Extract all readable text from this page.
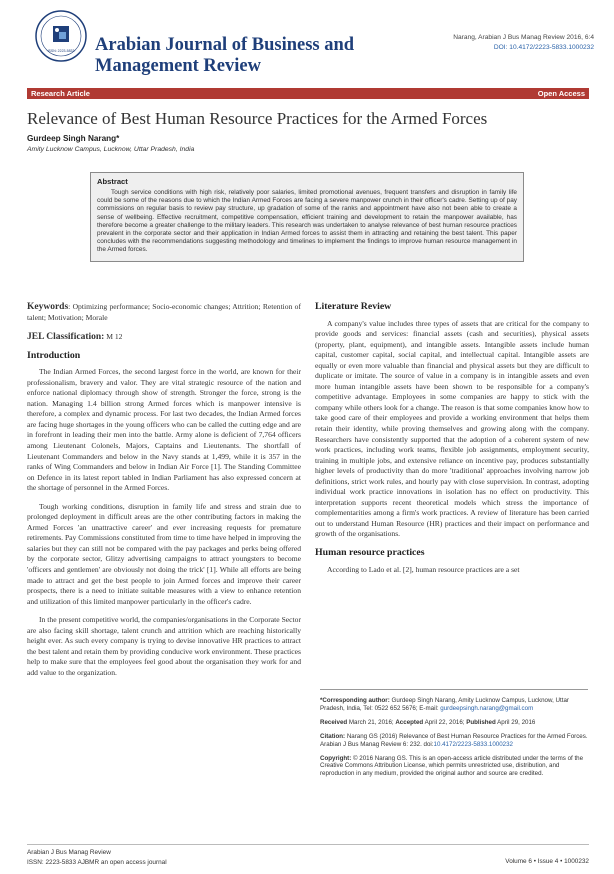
ISSN: 2223-5833 Arabian Journal of Business and
Management Review
Narang, Arabian J Bus Manag Review 2016, 6:4
DOI: 10.4172/2223-5833.1000232
Research Article	Open Access
Relevance of Best Human Resource Practices for the Armed Forces
Gurdeep Singh Narang*
Amity Lucknow Campus, Lucknow, Uttar Pradesh, India
Abstract

Tough service conditions with high risk, relatively poor salaries, limited promotional avenues, frequent transfers and disruption in family life could be some of the reasons due to which the Indian Armed Forces are facing a severe manpower crunch in their officer's cadre. Setting up of pay commissions on regular basis to review pay structure, up gradation of some of the ranks and appointment have also not been able to create a sense of wellbeing. Effective recruitment, competitive compensation, efficient training and development to retain the manpower available, has therefore become a greater challenge to the military leaders. This research was undertaken to analyse relevance of best human resource practices prevalent in the corporate sector and their application in Indian Armed forces to assist them in attracting and retaining the best talent. This paper concludes with the recommendations suggesting methodology and timelines to implement the findings to improve human resource management in the Armed forces.

Keywords: Optimizing performance; Socio-economic changes; Attrition; Retention of talent; Motivation; Morale

JEL Classification: M 12

Introduction

The Indian Armed Forces, the second largest force in the world, are known for their professionalism, bravery and valor. They are vital strategic resource of the nation and enforce national diplomacy through show of strength. Stronger the force, strong is the nation. Managing 1.4 billion strong Armed forces which is manpower intensive is therefore, a complex and dynamic process. For last two decades, the Indian Armed forces are facing huge shortages in the young officers who can be called the cutting edge and are in forefront in leading their men into the battle. Army alone is deficient of 7,764 officers among Lieutenant Colonels, Majors, Captains and Lieutenants. The shortfall of Lieutenant Commanders and below in the Navy stands at 1,499, while it is 357 in the ranks of Wing Commanders and below in Indian Air Force [1]. The Standing Committee on Defence in its latest report tabled in Indian Parliament has also expressed concern at the shortage of personnel in the Armed Forces.

Tough working conditions, disruption in family life and stress and strain due to prolonged deployment in difficult areas are the other contributing factors in making the Armed Forces 'an unattractive career' and ever increasing requests for premature retirements. Pay Commissions constituted from time to time have helped in improving the salaries but they can still not be compared with the pay packages and perks being offered by the corporate sector, Glitzy advertising campaigns to attract youngsters to become 'officers and gentlemen' are obviously not doing the trick' [1]. While all efforts are being made to attract and get the best people to join Armed forces and improve their career prospects, there is a need to initiate suitable measures with a view to enhance retention and utilization of this limited manpower particularly in the officer's cadre.

In the present competitive world, the companies/organisations in the Corporate Sector are also facing skill shortage, talent crunch and attrition which are reaching historically height ever. As such every company is trying to devise innovative HR practices to attract the best talent and retain them by providing conducive work environment. These practices help to make sure that the employees feel good about the organisation they work for and add value to the organization.

Literature Review

A company's value includes three types of assets that are critical for the company to provide goods and services: financial assets (cash and securities), physical assets (property, plant, equipment), and intangible assets. Intangible assets include human capital, customer capital, social capital, and intellectual capital. Intangible assets are equally or even more valuable than financial and physical assets but they are difficult to duplicate or imitate. The source of value in a company is in intangible assets and even more human intangible assets have been shown to be responsible for a company's competitive advantage. Employees in some companies are happy to stick with the company while others look for a change. The reason is that some companies know how to take good care of their employees and provide a working environment that helps them retain their identity, while proving themselves and growing along with the company. Researchers have consistently supported that the adoption of a coherent system of new work practices, including work teams, flexible job assignments, employment security, training in multiple jobs, and extensive reliance on incentive pay, produces substantially higher levels of productivity than do more 'traditional' approaches involving narrow job definitions, strict work rules, and hourly pay with close supervision. In contrast, adopting individual work practice innovations in isolation has no effect on productivity. This interpretation supports recent theoretical models which stress the importance of complementarities among a firm's work practices. A review of literature has been carried out to understand Human Resource (HR) practices and their impact on performance and growth of the organisations.

Human resource practices

According to Lado et al. [2], human resource practices are a set

*Corresponding author: Gurdeep Singh Narang, Amity Lucknow Campus, Lucknow, Uttar Pradesh, India, Tel: 0522 652 5676; E-mail: gurdeepsingh.narang@gmail.com

Received March 21, 2016; Accepted April 22, 2016; Published April 29, 2016

Citation: Narang GS (2016) Relevance of Best Human Resource Practices for the Armed Forces. Arabian J Bus Manag Review 6: 232. doi:10.4172/2223-5833.1000232

Copyright: © 2016 Narang GS. This is an open-access article distributed under the terms of the Creative Commons Attribution License, which permits unrestricted use, distribution, and reproduction in any medium, provided the original author and source are credited.

Arabian J Bus Manag Review
ISSN: 2223-5833 AJBMR an open access journal	Volume 6 • Issue 4 • 1000232
